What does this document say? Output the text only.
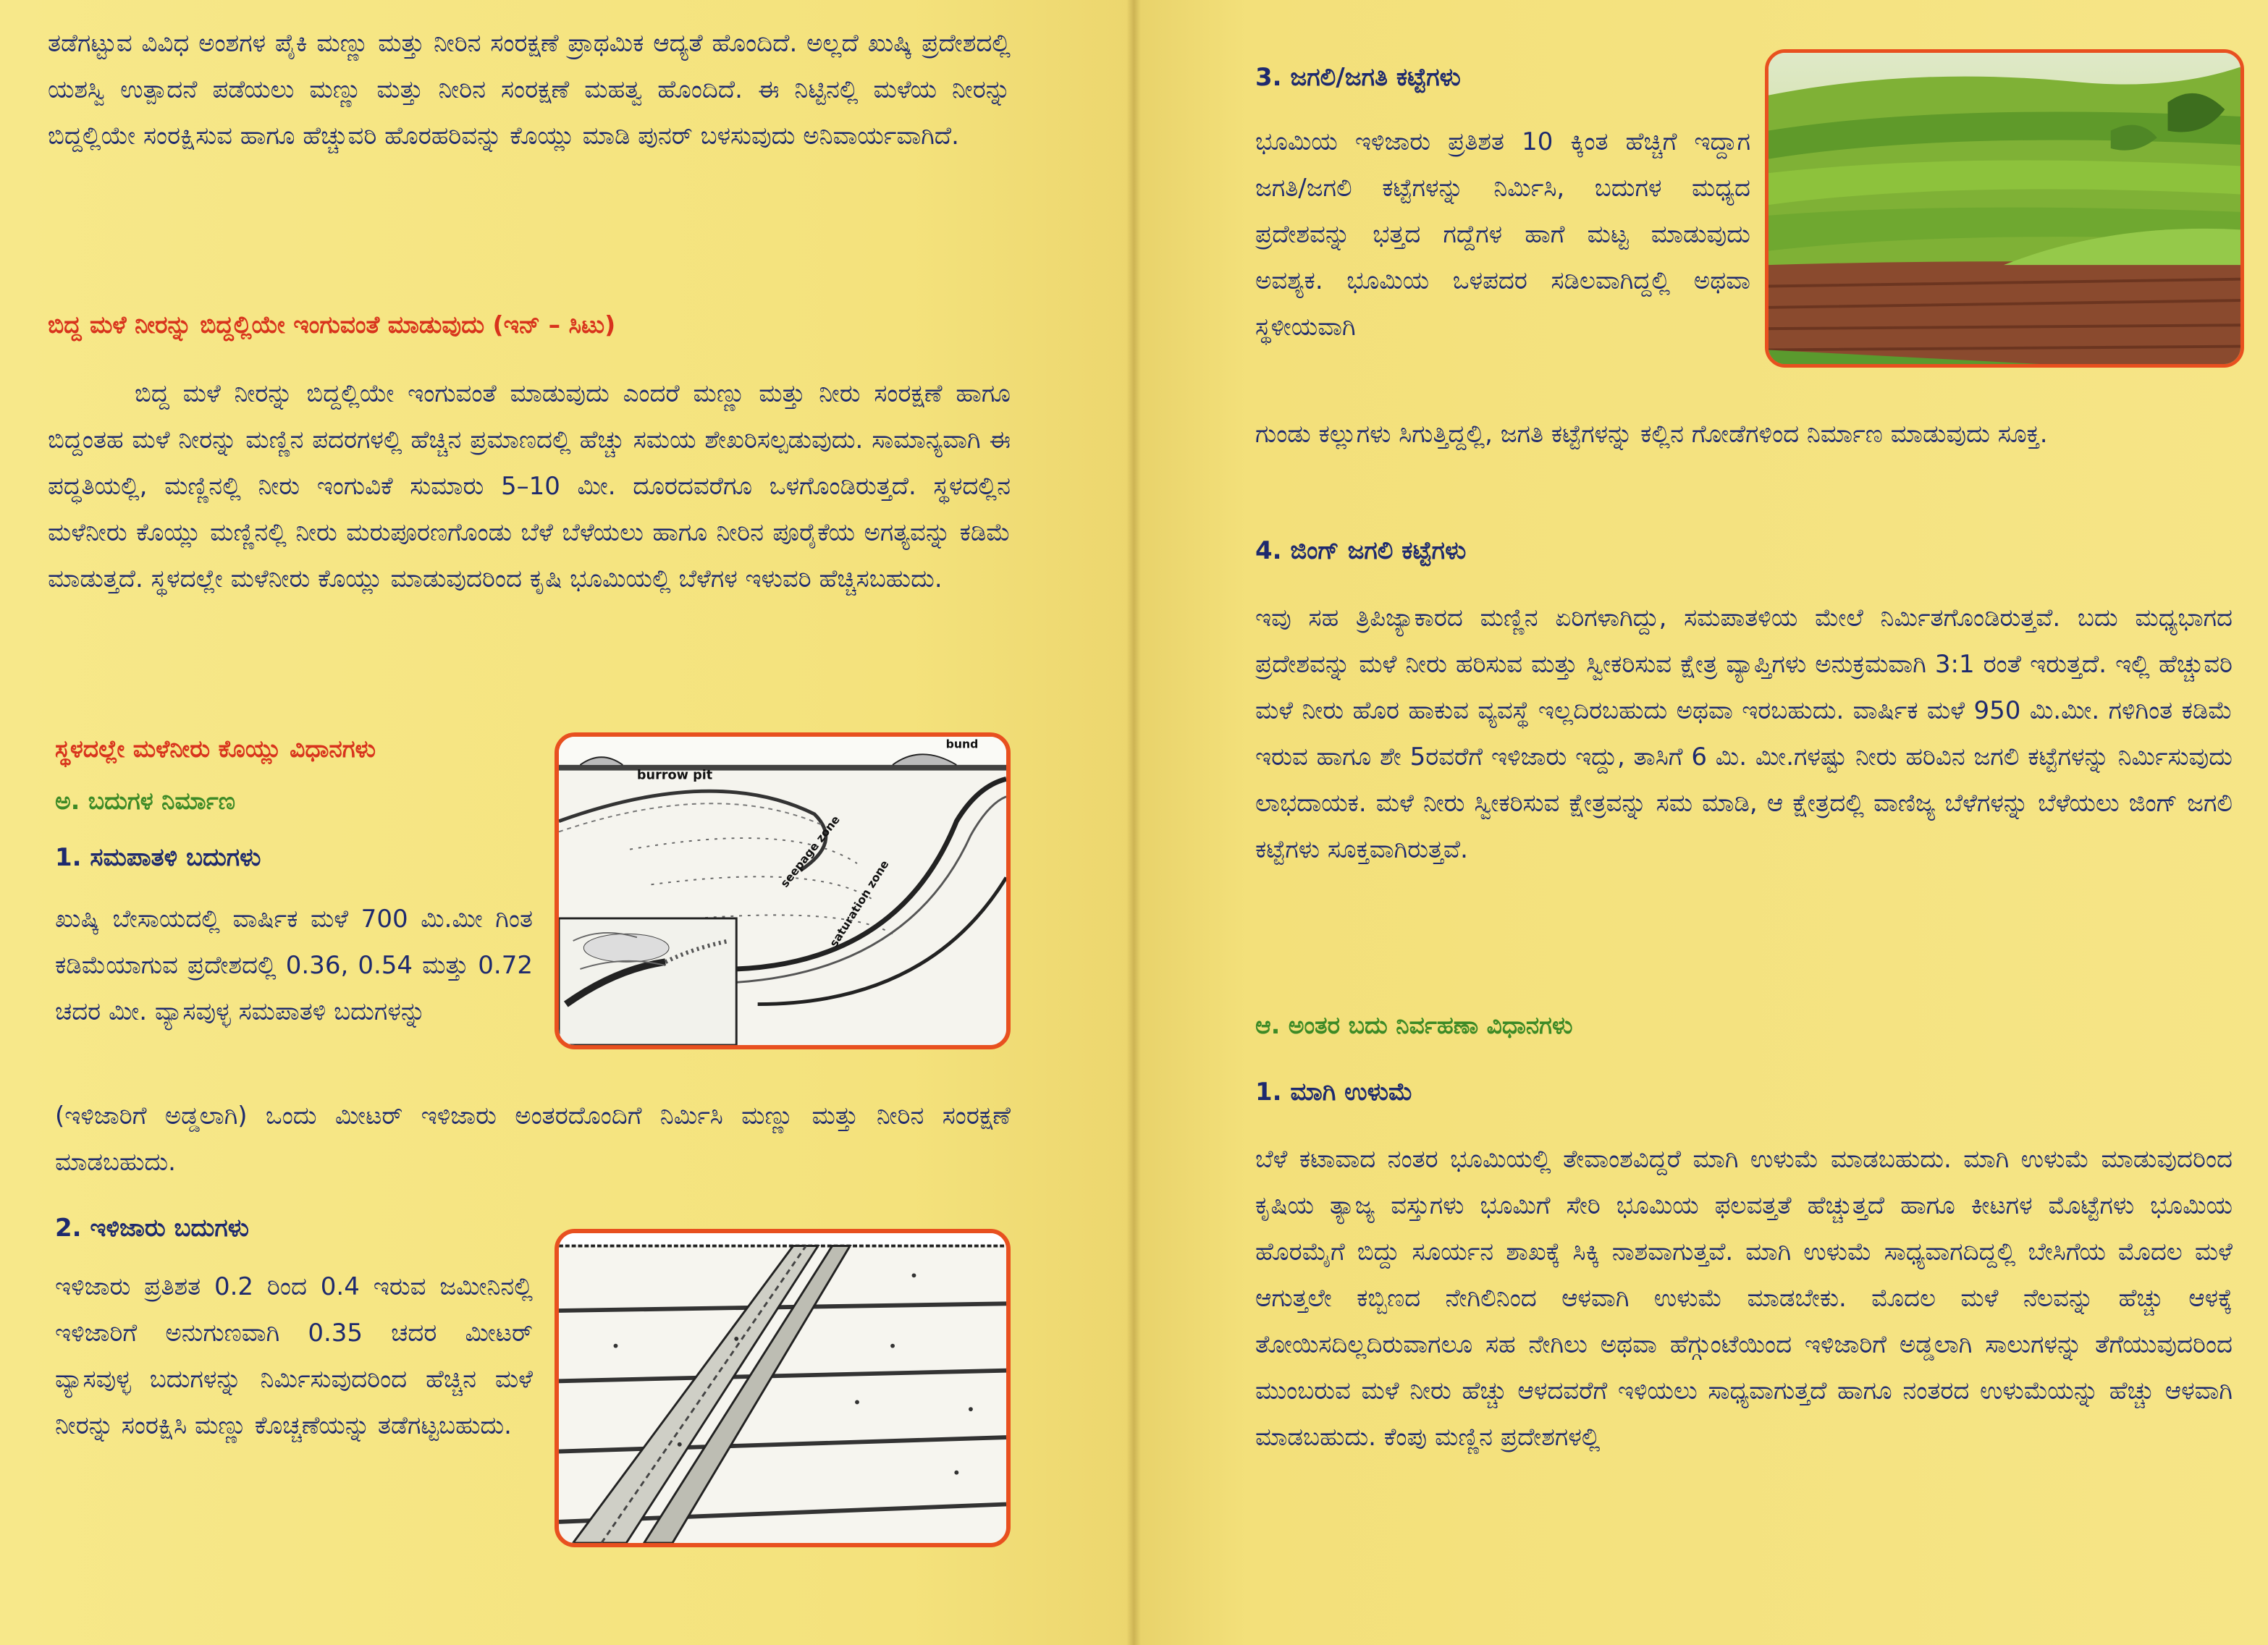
ತಡೆಗಟ್ಟುವ ವಿವಿಧ ಅಂಶಗಳ ಪೈಕಿ ಮಣ್ಣು ಮತ್ತು ನೀರಿನ ಸಂರಕ್ಷಣೆ ಪ್ರಾಥಮಿಕ ಆದ್ಯತೆ ಹೊಂದಿದೆ. ಅಲ್ಲದೆ ಖುಷ್ಕಿ ಪ್ರದೇಶದಲ್ಲಿ ಯಶಸ್ವಿ ಉತ್ಪಾದನೆ ಪಡೆಯಲು ಮಣ್ಣು ಮತ್ತು ನೀರಿನ ಸಂರಕ್ಷಣೆ ಮಹತ್ವ ಹೊಂದಿದೆ. ಈ ನಿಟ್ಟಿನಲ್ಲಿ ಮಳೆಯ ನೀರನ್ನು ಬಿದ್ದಲ್ಲಿಯೇ ಸಂರಕ್ಷಿಸುವ ಹಾಗೂ ಹೆಚ್ಚುವರಿ ಹೊರಹರಿವನ್ನು ಕೊಯ್ಲು ಮಾಡಿ ಪುನರ್ ಬಳಸುವುದು ಅನಿವಾರ್ಯವಾಗಿದೆ.

ಬಿದ್ದ ಮಳೆ ನೀರನ್ನು ಬಿದ್ದಲ್ಲಿಯೇ ಇಂಗುವಂತೆ ಮಾಡುವುದು (ಇನ್ – ಸಿಟು)

ಬಿದ್ದ ಮಳೆ ನೀರನ್ನು ಬಿದ್ದಲ್ಲಿಯೇ ಇಂಗುವಂತೆ ಮಾಡುವುದು ಎಂದರೆ ಮಣ್ಣು ಮತ್ತು ನೀರು ಸಂರಕ್ಷಣೆ ಹಾಗೂ ಬಿದ್ದಂತಹ ಮಳೆ ನೀರನ್ನು ಮಣ್ಣಿನ ಪದರಗಳಲ್ಲಿ ಹೆಚ್ಚಿನ ಪ್ರಮಾಣದಲ್ಲಿ ಹೆಚ್ಚು ಸಮಯ ಶೇಖರಿಸಲ್ಪಡುವುದು. ಸಾಮಾನ್ಯವಾಗಿ ಈ ಪದ್ಧತಿಯಲ್ಲಿ, ಮಣ್ಣಿನಲ್ಲಿ ನೀರು ಇಂಗುವಿಕೆ ಸುಮಾರು 5–10 ಮೀ. ದೂರದವರೆಗೂ ಒಳಗೊಂಡಿರುತ್ತದೆ. ಸ್ಥಳದಲ್ಲಿನ ಮಳೆನೀರು ಕೊಯ್ಲು ಮಣ್ಣಿನಲ್ಲಿ ನೀರು ಮರುಪೂರಣಗೊಂಡು ಬೆಳೆ ಬೆಳೆಯಲು ಹಾಗೂ ನೀರಿನ ಪೂರೈಕೆಯ ಅಗತ್ಯವನ್ನು ಕಡಿಮೆ ಮಾಡುತ್ತದೆ. ಸ್ಥಳದಲ್ಲೇ ಮಳೆನೀರು ಕೊಯ್ಲು ಮಾಡುವುದರಿಂದ ಕೃಷಿ ಭೂಮಿಯಲ್ಲಿ ಬೆಳೆಗಳ ಇಳುವರಿ ಹೆಚ್ಚಿಸಬಹುದು.

ಸ್ಥಳದಲ್ಲೇ ಮಳೆನೀರು ಕೊಯ್ಲು ವಿಧಾನಗಳು
ಅ. ಬದುಗಳ ನಿರ್ಮಾಣ
1. ಸಮಪಾತಳಿ ಬದುಗಳು

ಖುಷ್ಕಿ ಬೇಸಾಯದಲ್ಲಿ ವಾರ್ಷಿಕ ಮಳೆ 700 ಮಿ.ಮೀ ಗಿಂತ ಕಡಿಮೆಯಾಗುವ ಪ್ರದೇಶದಲ್ಲಿ 0.36, 0.54 ಮತ್ತು 0.72 ಚದರ ಮೀ. ವ್ಯಾಸವುಳ್ಳ ಸಮಪಾತಳಿ ಬದುಗಳನ್ನು

(ಇಳಿಜಾರಿಗೆ ಅಡ್ಡಲಾಗಿ) ಒಂದು ಮೀಟರ್ ಇಳಿಜಾರು ಅಂತರದೊಂದಿಗೆ ನಿರ್ಮಿಸಿ ಮಣ್ಣು ಮತ್ತು ನೀರಿನ ಸಂರಕ್ಷಣೆ ಮಾಡಬಹುದು.

burrow pit
bund
seepage zone
saturation zone
2. ಇಳಿಜಾರು ಬದುಗಳು

ಇಳಿಜಾರು ಪ್ರತಿಶತ 0.2 ರಿಂದ 0.4 ಇರುವ ಜಮೀನಿನಲ್ಲಿ ಇಳಿಜಾರಿಗೆ ಅನುಗುಣವಾಗಿ 0.35 ಚದರ ಮೀಟರ್ ವ್ಯಾಸವುಳ್ಳ ಬದುಗಳನ್ನು ನಿರ್ಮಿಸುವುದರಿಂದ ಹೆಚ್ಚಿನ ಮಳೆ ನೀರನ್ನು ಸಂರಕ್ಷಿಸಿ ಮಣ್ಣು ಕೊಚ್ಚಣೆಯನ್ನು ತಡೆಗಟ್ಟಬಹುದು.

3. ಜಗಲಿ/ಜಗತಿ ಕಟ್ಟೆಗಳು

ಭೂಮಿಯ ಇಳಿಜಾರು ಪ್ರತಿಶತ 10 ಕ್ಕಿಂತ ಹೆಚ್ಚಿಗೆ ಇದ್ದಾಗ ಜಗತಿ/ಜಗಲಿ ಕಟ್ಟೆಗಳನ್ನು ನಿರ್ಮಿಸಿ, ಬದುಗಳ ಮಧ್ಯದ ಪ್ರದೇಶವನ್ನು ಭತ್ತದ ಗದ್ದೆಗಳ ಹಾಗೆ ಮಟ್ಟ ಮಾಡುವುದು ಅವಶ್ಯಕ. ಭೂಮಿಯ ಒಳಪದರ ಸಡಿಲವಾಗಿದ್ದಲ್ಲಿ ಅಥವಾ ಸ್ಥಳೀಯವಾಗಿ

ಗುಂಡು ಕಲ್ಲುಗಳು ಸಿಗುತ್ತಿದ್ದಲ್ಲಿ, ಜಗತಿ ಕಟ್ಟೆಗಳನ್ನು ಕಲ್ಲಿನ ಗೋಡೆಗಳಿಂದ ನಿರ್ಮಾಣ ಮಾಡುವುದು ಸೂಕ್ತ.

4. ಜಿಂಗ್ ಜಗಲಿ ಕಟ್ಟೆಗಳು

ಇವು ಸಹ ತ್ರಿಪಿಜ್ಯಾಕಾರದ ಮಣ್ಣಿನ ಏರಿಗಳಾಗಿದ್ದು, ಸಮಪಾತಳಿಯ ಮೇಲೆ ನಿರ್ಮಿತಗೊಂಡಿರುತ್ತವೆ. ಬದು ಮಧ್ಯಭಾಗದ ಪ್ರದೇಶವನ್ನು ಮಳೆ ನೀರು ಹರಿಸುವ ಮತ್ತು ಸ್ವೀಕರಿಸುವ ಕ್ಷೇತ್ರ ವ್ಯಾಪ್ತಿಗಳು ಅನುಕ್ರಮವಾಗಿ 3:1 ರಂತೆ ಇರುತ್ತದೆ. ಇಲ್ಲಿ ಹೆಚ್ಚುವರಿ ಮಳೆ ನೀರು ಹೊರ ಹಾಕುವ ವ್ಯವಸ್ಥೆ ಇಲ್ಲದಿರಬಹುದು ಅಥವಾ ಇರಬಹುದು. ವಾರ್ಷಿಕ ಮಳೆ 950 ಮಿ.ಮೀ. ಗಳಿಗಿಂತ ಕಡಿಮೆ ಇರುವ ಹಾಗೂ ಶೇ 5ರವರೆಗೆ ಇಳಿಜಾರು ಇದ್ದು, ತಾಸಿಗೆ 6 ಮಿ. ಮೀ.ಗಳಷ್ಟು ನೀರು ಹರಿವಿನ ಜಗಲಿ ಕಟ್ಟೆಗಳನ್ನು ನಿರ್ಮಿಸುವುದು ಲಾಭದಾಯಕ. ಮಳೆ ನೀರು ಸ್ವೀಕರಿಸುವ ಕ್ಷೇತ್ರವನ್ನು ಸಮ ಮಾಡಿ, ಆ ಕ್ಷೇತ್ರದಲ್ಲಿ ವಾಣಿಜ್ಯ ಬೆಳೆಗಳನ್ನು ಬೆಳೆಯಲು ಜಿಂಗ್ ಜಗಲಿ ಕಟ್ಟೆಗಳು ಸೂಕ್ತವಾಗಿರುತ್ತವೆ.

ಆ. ಅಂತರ ಬದು ನಿರ್ವಹಣಾ ವಿಧಾನಗಳು
1. ಮಾಗಿ ಉಳುಮೆ

ಬೆಳೆ ಕಟಾವಾದ ನಂತರ ಭೂಮಿಯಲ್ಲಿ ತೇವಾಂಶವಿದ್ದರೆ ಮಾಗಿ ಉಳುಮೆ ಮಾಡಬಹುದು. ಮಾಗಿ ಉಳುಮೆ ಮಾಡುವುದರಿಂದ ಕೃಷಿಯ ತ್ಯಾಜ್ಯ ವಸ್ತುಗಳು ಭೂಮಿಗೆ ಸೇರಿ ಭೂಮಿಯ ಫಲವತ್ತತೆ ಹೆಚ್ಚುತ್ತದೆ ಹಾಗೂ ಕೀಟಗಳ ಮೊಟ್ಟೆಗಳು ಭೂಮಿಯ ಹೊರಮೈಗೆ ಬಿದ್ದು ಸೂರ್ಯನ ಶಾಖಕ್ಕೆ ಸಿಕ್ಕಿ ನಾಶವಾಗುತ್ತವೆ. ಮಾಗಿ ಉಳುಮೆ ಸಾಧ್ಯವಾಗದಿದ್ದಲ್ಲಿ ಬೇಸಿಗೆಯ ಮೊದಲ ಮಳೆ ಆಗುತ್ತಲೇ ಕಬ್ಬಿಣದ ನೇಗಿಲಿನಿಂದ ಆಳವಾಗಿ ಉಳುಮೆ ಮಾಡಬೇಕು. ಮೊದಲ ಮಳೆ ನೆಲವನ್ನು ಹೆಚ್ಚು ಆಳಕ್ಕೆ ತೋಯಿಸದಿಲ್ಲದಿರುವಾಗಲೂ ಸಹ ನೇಗಿಲು ಅಥವಾ ಹೆಗ್ಗುಂಟೆಯಿಂದ ಇಳಿಜಾರಿಗೆ ಅಡ್ಡಲಾಗಿ ಸಾಲುಗಳನ್ನು ತೆಗೆಯುವುದರಿಂದ ಮುಂಬರುವ ಮಳೆ ನೀರು ಹೆಚ್ಚು ಆಳದವರೆಗೆ ಇಳಿಯಲು ಸಾಧ್ಯವಾಗುತ್ತದೆ ಹಾಗೂ ನಂತರದ ಉಳುಮೆಯನ್ನು ಹೆಚ್ಚು ಆಳವಾಗಿ ಮಾಡಬಹುದು. ಕೆಂಪು ಮಣ್ಣಿನ ಪ್ರದೇಶಗಳಲ್ಲಿ
